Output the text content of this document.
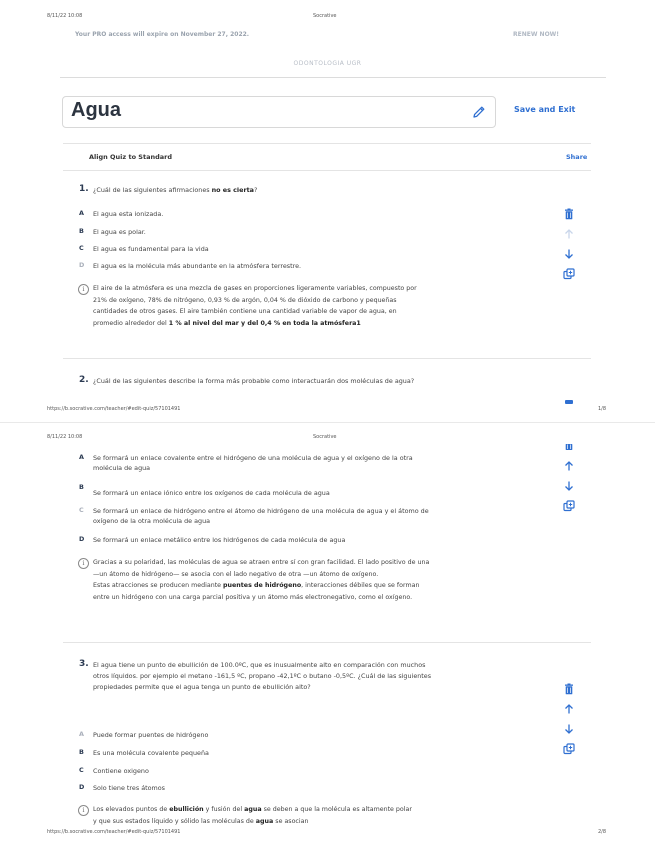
8/11/22 10:08	Socrative
Your PRO access will expire on November 27, 2022.	RENEW NOW!
ODONTOLOGIA UGR
Agua	Save and Exit
Align Quiz to Standard	Share
1. ¿Cuál de las siguientes afirmaciones no es cierta?
A El agua esta ionizada.
B El agua es polar.
C El agua es fundamental para la vida
D El agua es la molécula más abundante en la atmósfera terrestre.
i	El aire de la atmósfera es una mezcla de gases en proporciones ligeramente variables, compuesto por 21% de oxígeno, 78% de nitrógeno, 0,93 % de argón, 0,04 % de dióxido de carbono y pequeñas cantidades de otros gases. El aire también contiene una cantidad variable de vapor de agua, en promedio alrededor del 1 % al nivel del mar y del 0,4 % en toda la atmósfera1
2. ¿Cuál de las siguientes describe la forma más probable como interactuarán dos moléculas de agua?
https://b.socrative.com/teacher/#edit-quiz/57101491	1/8
8/11/22 10:08	Socrative
A Se formará un enlace covalente entre el hidrógeno de una molécula de agua y el oxígeno de la otra molécula de agua
B
Se formará un enlace iónico entre los oxígenos de cada molécula de agua
C Se formará un enlace de hidrógeno entre el átomo de hidrógeno de una molécula de agua y el átomo de oxígeno de la otra molécula de agua
D Se formará un enlace metálico entre los hidrógenos de cada molécula de agua
i	Gracias a su polaridad, las moléculas de agua se atraen entre sí con gran facilidad. El lado positivo de una —un átomo de hidrógeno— se asocia con el lado negativo de otra —un átomo de oxígeno.
Estas atracciones se producen mediante puentes de hidrógeno, interacciones débiles que se forman entre un hidrógeno con una carga parcial positiva y un átomo más electronegativo, como el oxígeno.
3. El agua tiene un punto de ebullición de 100.0ºC, que es inusualmente alto en comparación con muchos otros líquidos. por ejemplo el metano -161,5 ºC, propano -42,1ºC o butano -0,5ºC. ¿Cuál de las siguientes propiedades permite que el agua tenga un punto de ebullición alto?
A Puede formar puentes de hidrógeno
B Es una molécula covalente pequeña
C Contiene oxigeno
D Solo tiene tres átomos
i	Los elevados puntos de ebullición y fusión del agua se deben a que la molécula es altamente polar y que sus estados líquido y sólido las moléculas de agua se asocian
https://b.socrative.com/teacher/#edit-quiz/57101491	2/8
